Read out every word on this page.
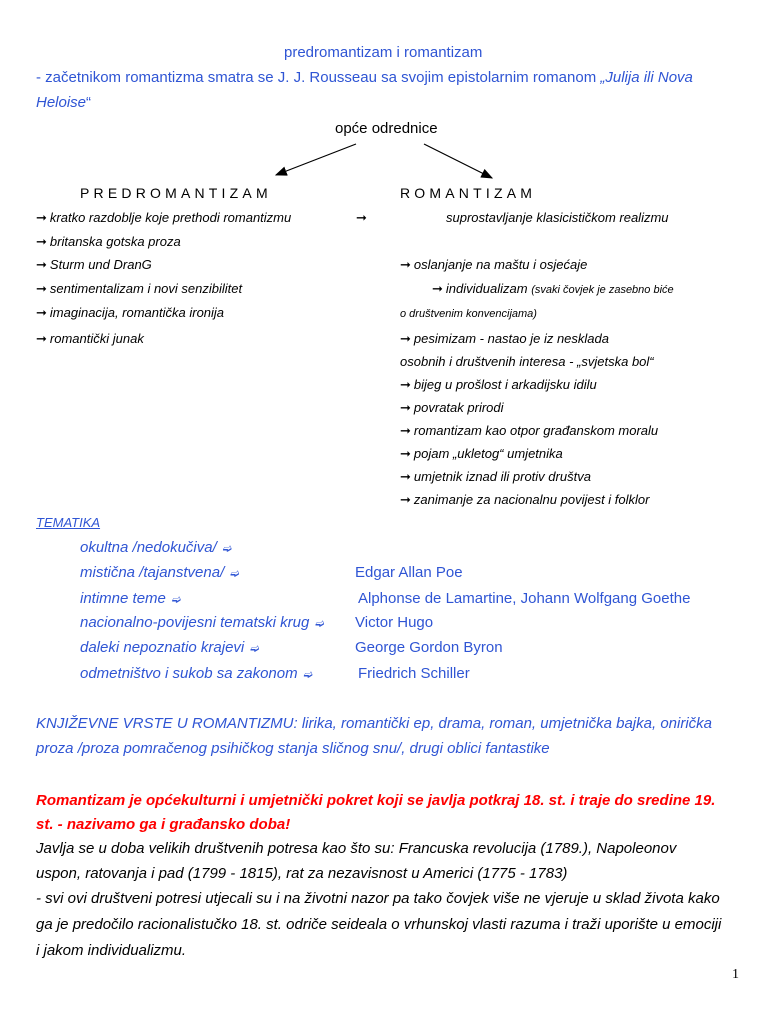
predromantizam i romantizam
- začetnikom romantizma smatra se J. J. Rousseau sa svojim epistolarnim romanom „Julija ili Nova
Heloise“
opće odrednice
PREDROMANTIZAM	ROMANTIZAM
➞ kratko razdoblje koje prethodi romantizmu
➞ britanska gotska proza
➞ Sturm und DranG
➞ sentimentalizam i novi senzibilitet
➞ imaginacija, romantička ironija
➞ romantički junak
➞	suprostavljanje klasicističkom realizmu
➞ oslanjanje na maštu i osjećaje
➞ individualizam (svaki čovjek je zasebno biće
o društvenim konvencijama)
➞ pesimizam - nastao je iz nesklada
osobnih i društvenih interesa - „svjetska bol“
➞ bijeg u prošlost i arkadijsku idilu
➞ povratak prirodi
➞ romantizam kao otpor građanskom moralu
➞ pojam „ukletog“ umjetnika
➞ umjetnik iznad ili protiv društva
➞ zanimanje za nacionalnu povijest i folklor
TEMATIKA
okultna /nedokučiva/ ➫
mistična /tajanstvena/ ➫	Edgar Allan Poe
intimne teme ➫	Alphonse de Lamartine, Johann Wolfgang Goethe
nacionalno-povijesni tematski krug ➫ Victor Hugo
daleki nepoznatio krajevi ➫	George Gordon Byron
odmetništvo i sukob sa zakonom ➫	Friedrich Schiller
KNJIŽEVNE VRSTE U ROMANTIZMU: lirika, romantički ep, drama, roman, umjetnička bajka, onirička
proza /proza pomračenog psihičkog stanja sličnog snu/, drugi oblici fantastike
Romantizam je općekulturni i umjetnički pokret koji se javlja potkraj 18. st. i traje do sredine 19.
st. - nazivamo ga i građansko doba!
Javlja se u doba velikih društvenih potresa kao što su: Francuska revolucija (1789.), Napoleonov
uspon, ratovanja i pad (1799 - 1815), rat za nezavisnost u Americi (1775 - 1783)
- svi ovi društveni potresi utjecali su i na životni nazor pa tako čovjek više ne vjeruje u sklad života kako
ga je predočilo racionalistučko 18. st. odriče seideala o vrhunskoj vlasti razuma i traži uporište u emociji
i jakom individualizmu.
1
